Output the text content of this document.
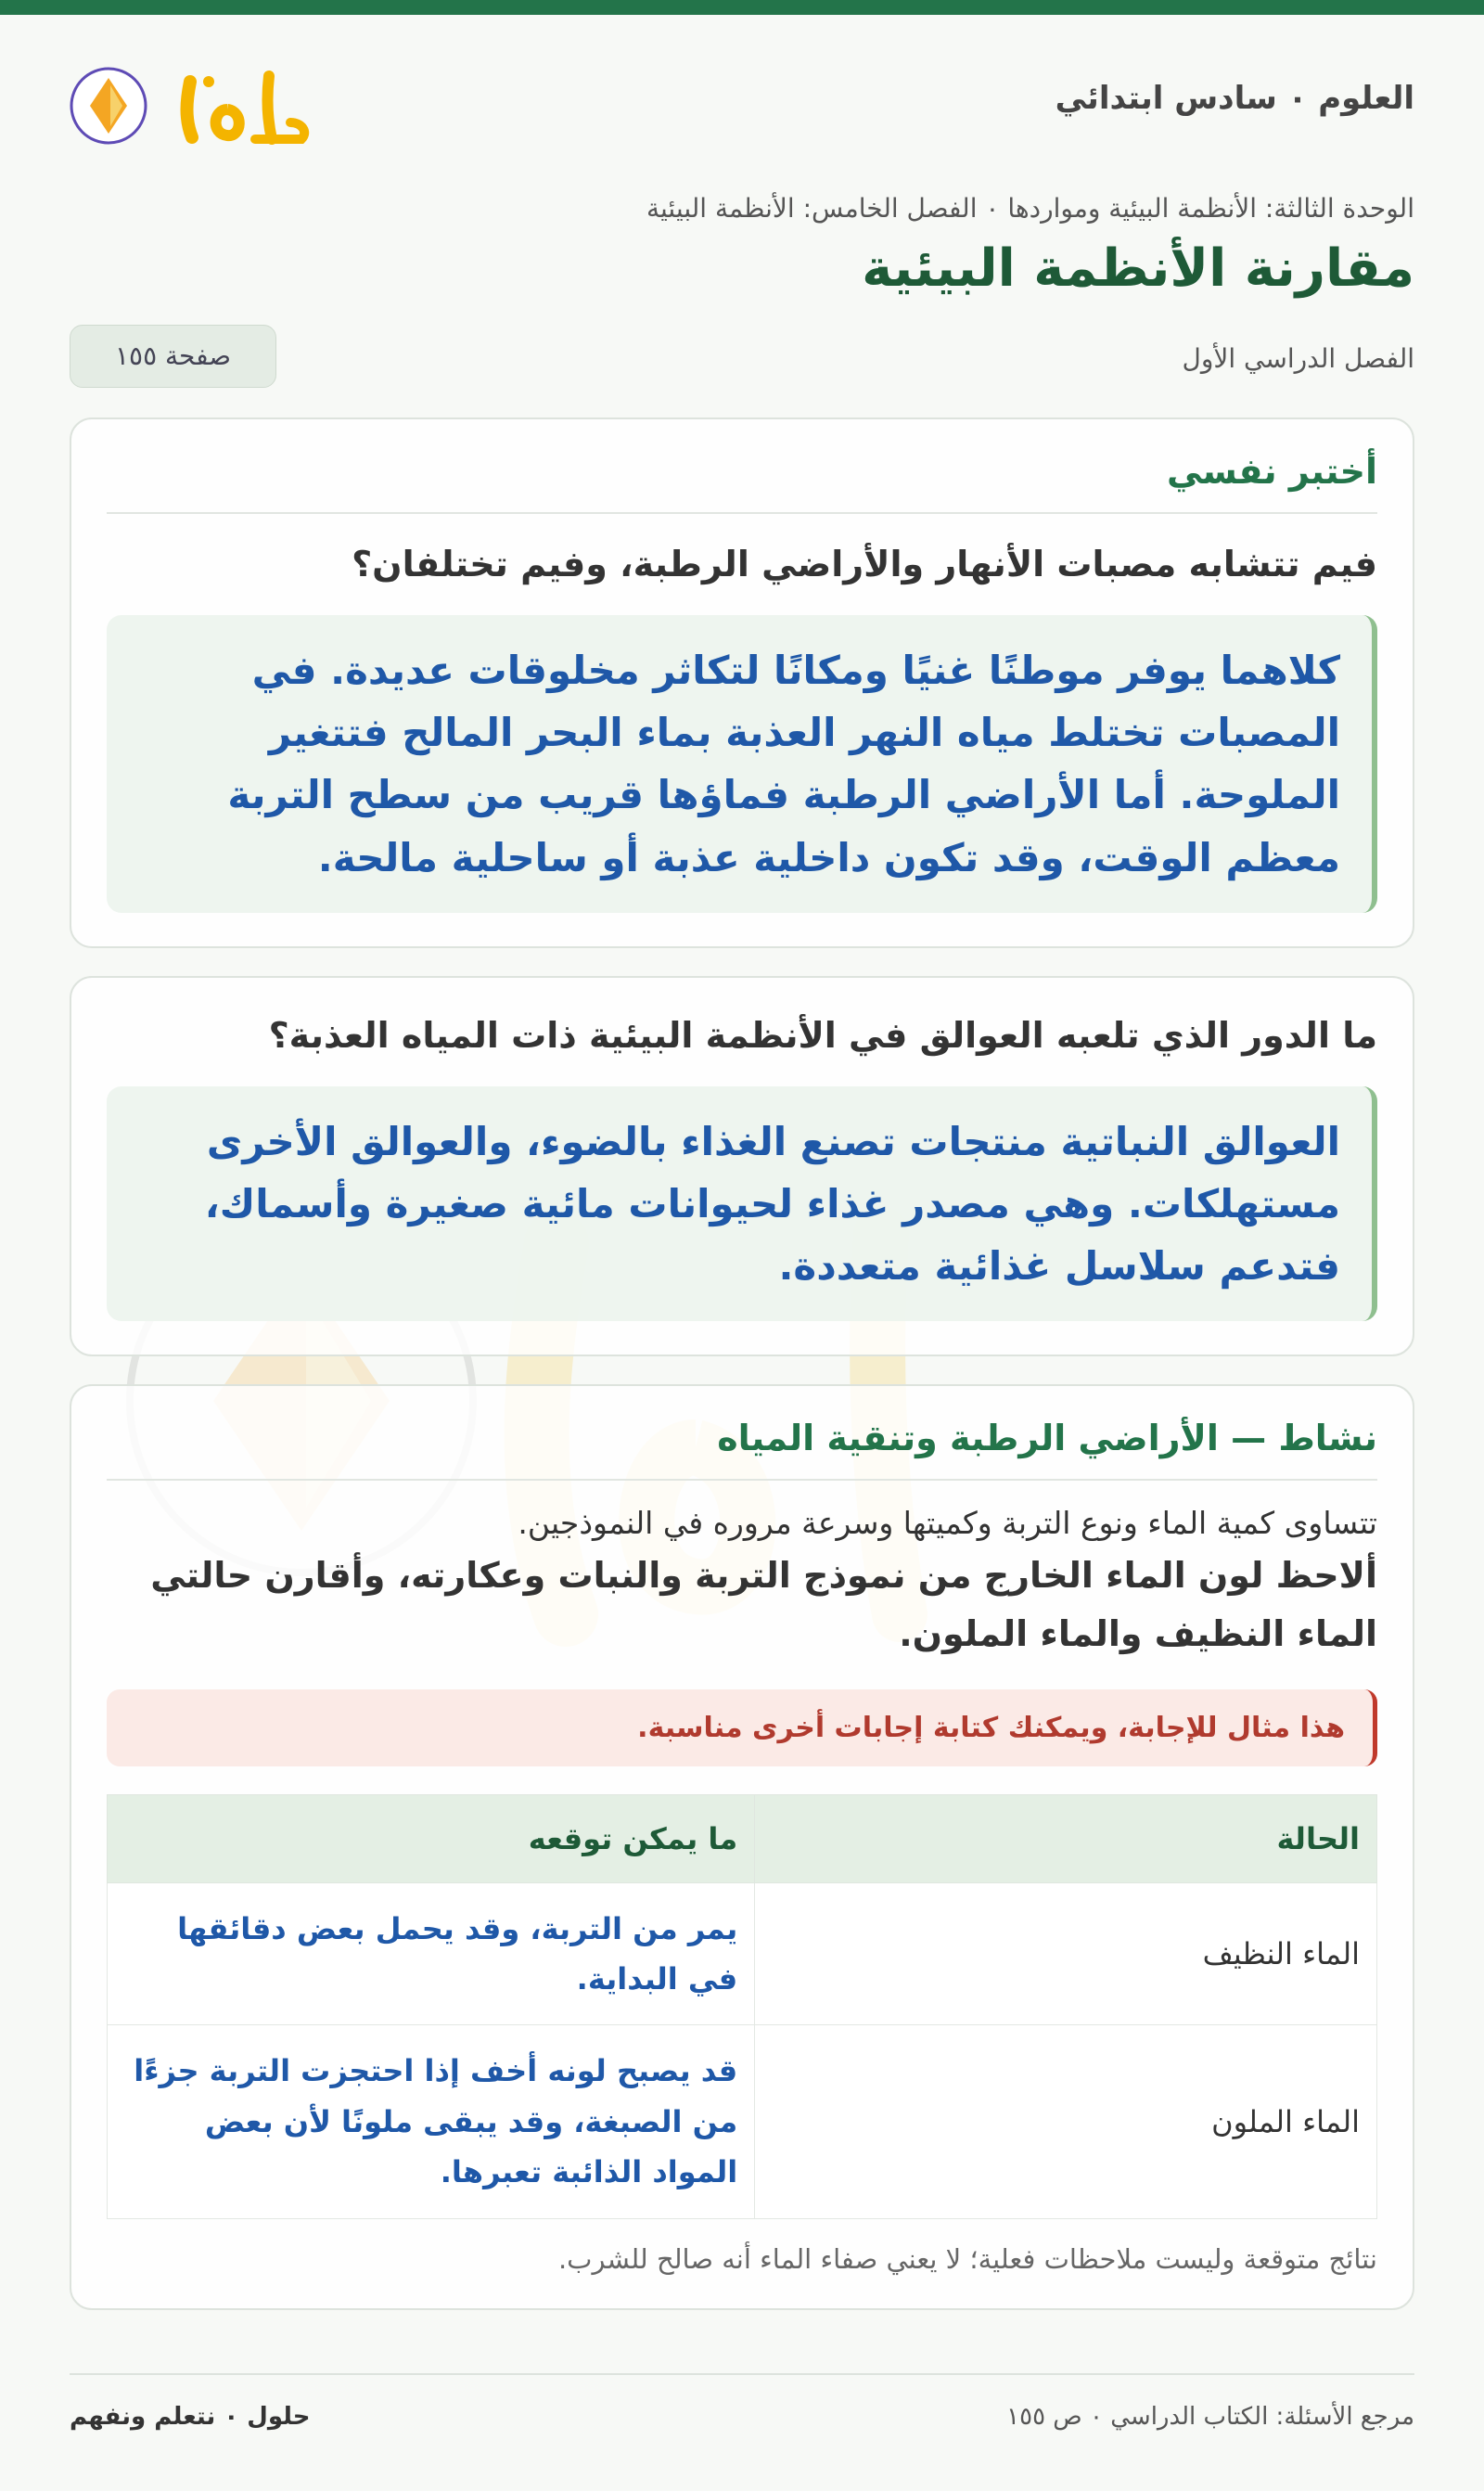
العلوم ٠ سادس ابتدائي
الوحدة الثالثة: الأنظمة البيئية ومواردها ٠ الفصل الخامس: الأنظمة البيئية
مقارنة الأنظمة البيئية
الفصل الدراسي الأول
صفحة ١٥٥
أختبر نفسي
فيم تتشابه مصبات الأنهار والأراضي الرطبة، وفيم تختلفان؟
كلاهما يوفر موطنًا غنيًا ومكانًا لتكاثر مخلوقات عديدة. في المصبات تختلط مياه النهر العذبة بماء البحر المالح فتتغير الملوحة. أما الأراضي الرطبة فماؤها قريب من سطح التربة معظم الوقت، وقد تكون داخلية عذبة أو ساحلية مالحة.
ما الدور الذي تلعبه العوالق في الأنظمة البيئية ذات المياه العذبة؟
العوالق النباتية منتجات تصنع الغذاء بالضوء، والعوالق الأخرى مستهلكات. وهي مصدر غذاء لحيوانات مائية صغيرة وأسماك، فتدعم سلاسل غذائية متعددة.
نشاط — الأراضي الرطبة وتنقية المياه
تتساوى كمية الماء ونوع التربة وكميتها وسرعة مروره في النموذجين.
ألاحظ لون الماء الخارج من نموذج التربة والنبات وعكارته، وأقارن حالتي الماء النظيف والماء الملون.
هذا مثال للإجابة، ويمكنك كتابة إجابات أخرى مناسبة.
الحالة	ما يمكن توقعه
الماء النظيف	يمر من التربة، وقد يحمل بعض دقائقها في البداية.
الماء الملون	قد يصبح لونه أخف إذا احتجزت التربة جزءًا من الصبغة، وقد يبقى ملونًا لأن بعض المواد الذائبة تعبرها.
نتائج متوقعة وليست ملاحظات فعلية؛ لا يعني صفاء الماء أنه صالح للشرب.
مرجع الأسئلة: الكتاب الدراسي ٠ ص ١٥٥
حلول ٠ نتعلم ونفهم
